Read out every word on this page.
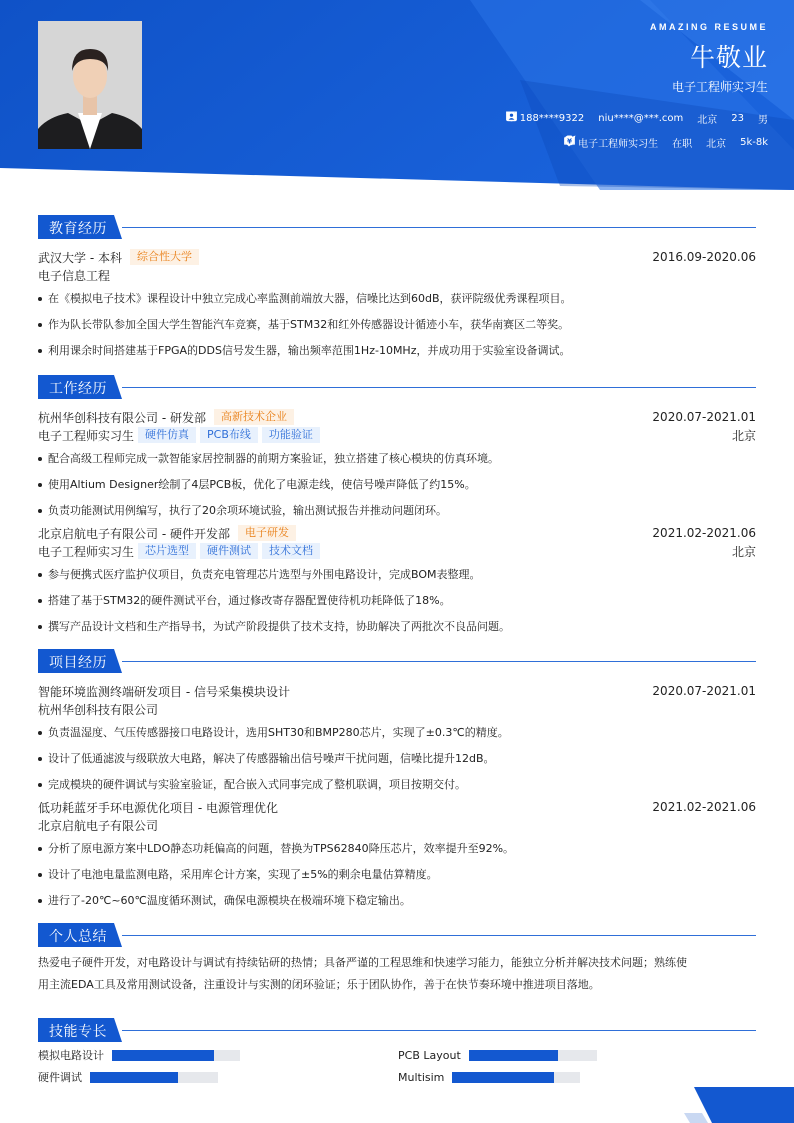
AMAZING RESUME
牛敬业
电子工程师实习生
188****9322 niu****@***.com 北京 23 男
电子工程师实习生 在职 北京
¥	5k-8k
教育经历
武汉大学 - 本科	综合性大学	2016.09-2020.06
电子信息工程
在《模拟电子技术》课程设计中独立完成心率监测前端放大器，信噪比达到60dB，获评院级优秀课程项目。
作为队长带队参加全国大学生智能汽车竞赛，基于STM32和红外传感器设计循迹小车，获华南赛区二等奖。
利用课余时间搭建基于FPGA的DDS信号发生器，输出频率范围1Hz-10MHz，并成功用于实验室设备调试。
工作经历
杭州华创科技有限公司 - 研发部	高新技术企业	2020.07-2021.01
电子工程师实习生	硬件仿真	PCB布线	功能验证	北京
配合高级工程师完成一款智能家居控制器的前期方案验证，独立搭建了核心模块的仿真环境。
使用Altium Designer绘制了4层PCB板，优化了电源走线，使信号噪声降低了约15%。
负责功能测试用例编写，执行了20余项环境试验，输出测试报告并推动问题闭环。
北京启航电子有限公司 - 硬件开发部	电子研发	2021.02-2021.06
电子工程师实习生	芯片选型	硬件测试	技术文档	北京
参与便携式医疗监护仪项目，负责充电管理芯片选型与外围电路设计，完成BOM表整理。
搭建了基于STM32的硬件测试平台，通过修改寄存器配置使待机功耗降低了18%。
撰写产品设计文档和生产指导书，为试产阶段提供了技术支持，协助解决了两批次不良品问题。
项目经历
智能环境监测终端研发项目 - 信号采集模块设计	2020.07-2021.01
杭州华创科技有限公司
负责温湿度、气压传感器接口电路设计，选用SHT30和BMP280芯片，实现了±0.3℃的精度。
设计了低通滤波与级联放大电路，解决了传感器输出信号噪声干扰问题，信噪比提升12dB。
完成模块的硬件调试与实验室验证，配合嵌入式同事完成了整机联调，项目按期交付。
低功耗蓝牙手环电源优化项目 - 电源管理优化	2021.02-2021.06
北京启航电子有限公司
分析了原电源方案中LDO静态功耗偏高的问题，替换为TPS62840降压芯片，效率提升至92%。
设计了电池电量监测电路，采用库仑计方案，实现了±5%的剩余电量估算精度。
进行了-20℃~60℃温度循环测试，确保电源模块在极端环境下稳定输出。
个人总结
热爱电子硬件开发，对电路设计与调试有持续钻研的热情；具备严谨的工程思维和快速学习能力，能独立分析并解决技术问题；熟练使
用主流EDA工具及常用测试设备，注重设计与实测的闭环验证；乐于团队协作，善于在快节奏环境中推进项目落地。
技能专长
模拟电路设计	PCB Layout
硬件调试	Multisim
